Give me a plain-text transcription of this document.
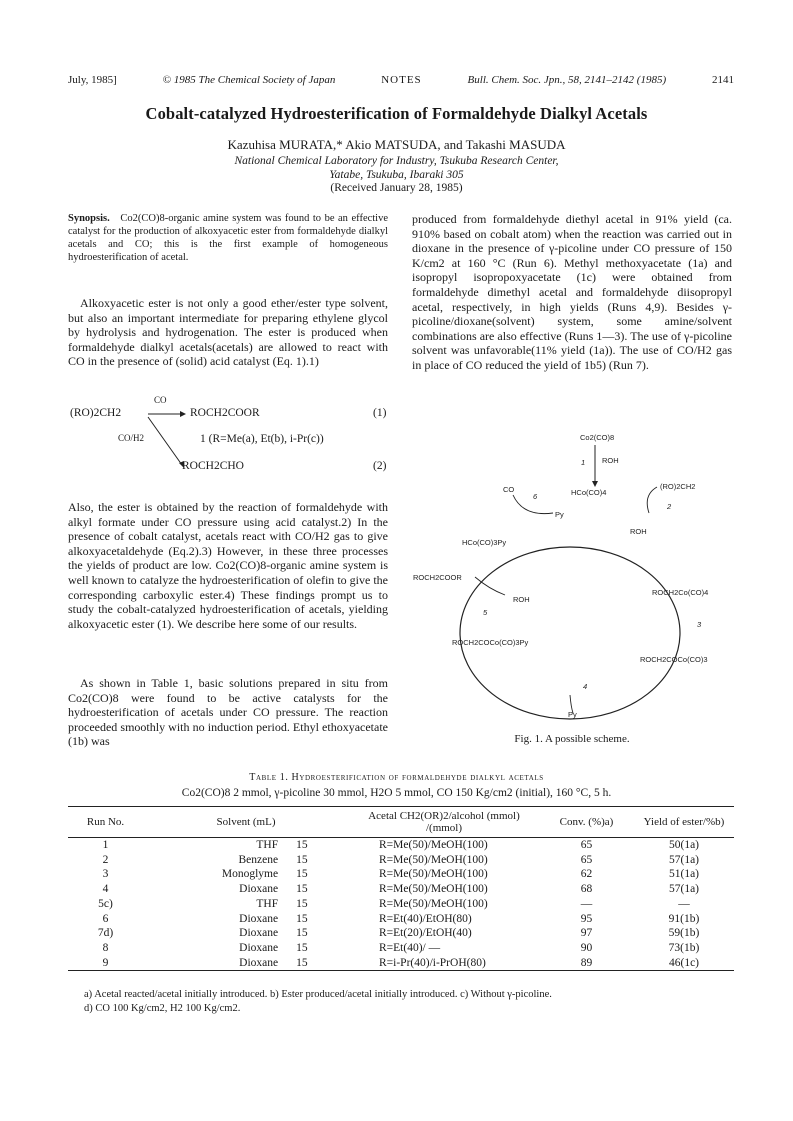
July, 1985]	© 1985 The Chemical Society of Japan	NOTES	Bull. Chem. Soc. Jpn., 58, 2141–2142 (1985)	2141
Cobalt-catalyzed Hydroesterification of Formaldehyde Dialkyl Acetals
Kazuhisa MURATA,* Akio MATSUDA, and Takashi MASUDA
National Chemical Laboratory for Industry, Tsukuba Research Center,
Yatabe, Tsukuba, Ibaraki 305
(Received January 28, 1985)
Synopsis. Co2(CO)8-organic amine system was found to be an effective catalyst for the production of alkoxyacetic ester from formaldehyde dialkyl acetals and CO; this is the first example of homogeneous hydroesterification of acetal.
Alkoxyacetic ester is not only a good ether/ester type solvent, but also an important intermediate for preparing ethylene glycol by hydrolysis and hydrogenation. The ester is produced when formaldehyde dialkyl acetals(acetals) are allowed to react with CO in the presence of (solid) acid catalyst (Eq. 1).1)
(RO)2CH2
CO
ROCH2COOR	(1)
CO/H2	1 (R=Me(a), Et(b), i-Pr(c))
ROCH2CHO	(2)
Also, the ester is obtained by the reaction of formaldehyde with alkyl formate under CO pressure using acid catalyst.2) In the presence of cobalt catalyst, acetals react with CO/H2 gas to give alkoxyacetaldehyde (Eq.2).3) However, in these three processes the yields of product are low. Co2(CO)8-organic amine system is well known to catalyze the hydroesterification of olefin to give the corresponding carboxylic ester.4) These findings prompt us to study the cobalt-catalyzed hydroesterification of acetals, yielding alkoxyacetic ester (1). We describe here some of our results.
As shown in Table 1, basic solutions prepared in situ from Co2(CO)8 were found to be active catalysts for the hydroesterification of acetals under CO pressure. The reaction proceeded smoothly with no induction period. Ethyl ethoxyacetate (1b) was
produced from formaldehyde diethyl acetal in 91% yield (ca. 910% based on cobalt atom) when the reaction was carried out in dioxane in the presence of γ-picoline under CO pressure of 150 K/cm2 at 160 °C (Run 6). Methyl methoxyacetate (1a) and isopropyl isopropoxyacetate (1c) were obtained from formaldehyde dimethyl acetal and formaldehyde diisopropyl acetal, respectively, in high yields (Runs 4,9). Besides γ-picoline/dioxane(solvent) system, some amine/solvent combinations are also effective (Runs 1—3). The use of γ-picoline solvent was unfavorable(11% yield (1a)). The use of CO/H2 gas in place of CO reduced the yield of 1b5) (Run 7).
Co2(CO)8
ROH
1
HCo(CO)4
CO
6
Py
(RO)2CH2
2
ROH
HCo(CO)3Py
ROCH2Co(CO)4
ROCH2COOR
ROH
5
3
ROCH2COCo(CO)3Py
ROCH2COCo(CO)3
4
Py
Fig. 1. A possible scheme.
Table 1. Hydroesterification of formaldehyde dialkyl acetals
Co2(CO)8 2 mmol, γ-picoline 30 mmol, H2O 5 mmol, CO 150 Kg/cm2 (initial), 160 °C, 5 h.
Run No.	Solvent (mL)		Acetal CH2(OR)2/alcohol (mmol) /(mmol)	Conv. (%)a)	Yield of ester/%b)
1	THF	15	R=Me(50)/MeOH(100)	65	50(1a)
2	Benzene	15	R=Me(50)/MeOH(100)	65	57(1a)
3	Monoglyme	15	R=Me(50)/MeOH(100)	62	51(1a)
4	Dioxane	15	R=Me(50)/MeOH(100)	68	57(1a)
5c)	THF	15	R=Me(50)/MeOH(100)	—	—
6	Dioxane	15	R=Et(40)/EtOH(80)	95	91(1b)
7d)	Dioxane	15	R=Et(20)/EtOH(40)	97	59(1b)
8	Dioxane	15	R=Et(40)/ —	90	73(1b)
9	Dioxane	15	R=i-Pr(40)/i-PrOH(80)	89	46(1c)
a) Acetal reacted/acetal initially introduced. b) Ester produced/acetal initially introduced. c) Without γ-picoline.
d) CO 100 Kg/cm2, H2 100 Kg/cm2.
